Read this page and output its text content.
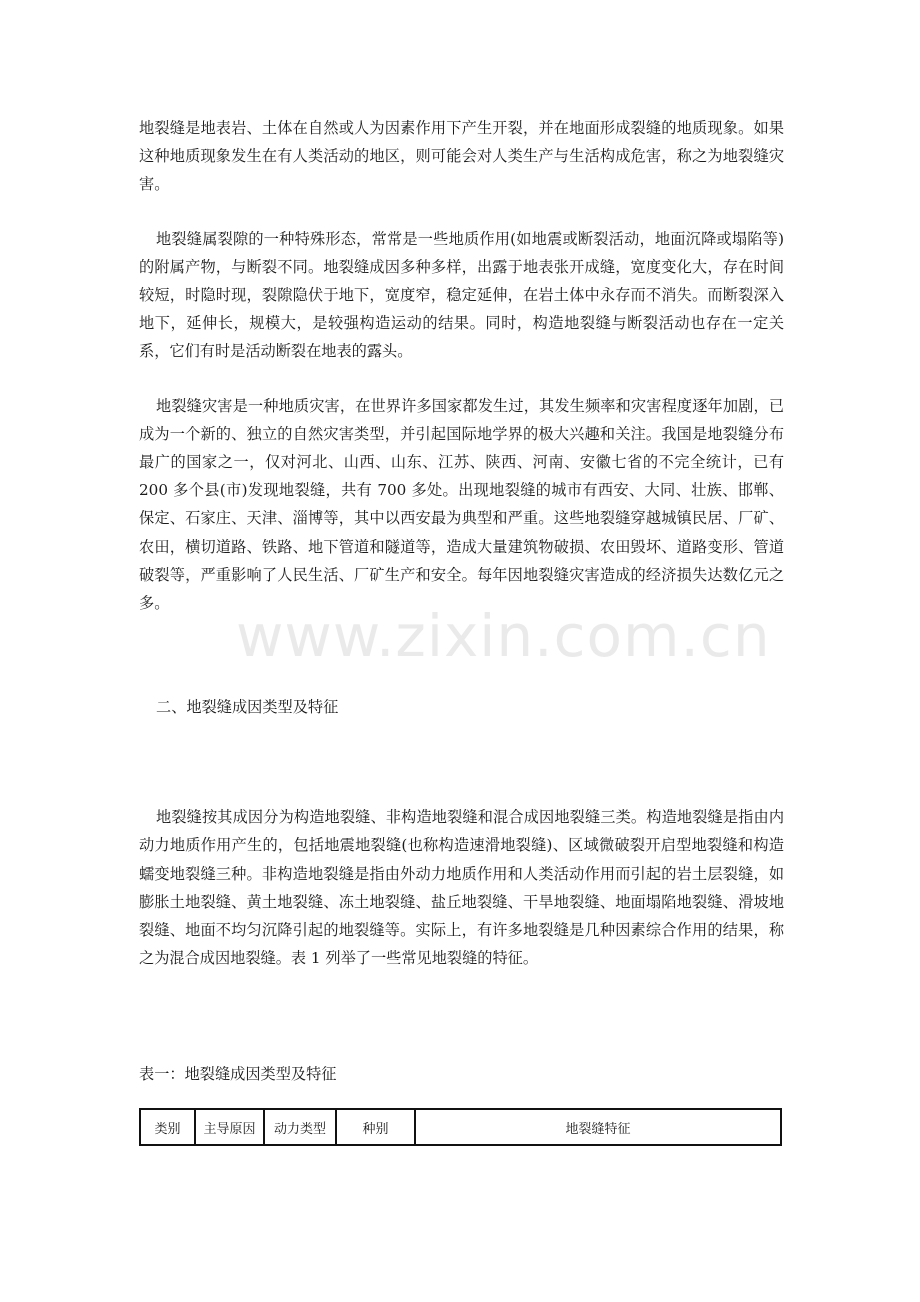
地裂缝是地表岩、土体在自然或人为因素作用下产生开裂，并在地面形成裂缝的地质现象。如果这种地质现象发生在有人类活动的地区，则可能会对人类生产与生活构成危害，称之为地裂缝灾害。

地裂缝属裂隙的一种特殊形态，常常是一些地质作用(如地震或断裂活动，地面沉降或塌陷等)的附属产物，与断裂不同。地裂缝成因多种多样，出露于地表张开成缝，宽度变化大，存在时间较短，时隐时现，裂隙隐伏于地下，宽度窄，稳定延伸，在岩土体中永存而不消失。而断裂深入地下，延伸长，规模大，是较强构造运动的结果。同时，构造地裂缝与断裂活动也存在一定关系，它们有时是活动断裂在地表的露头。

地裂缝灾害是一种地质灾害，在世界许多国家都发生过，其发生频率和灾害程度逐年加剧，已成为一个新的、独立的自然灾害类型，并引起国际地学界的极大兴趣和关注。我国是地裂缝分布最广的国家之一，仅对河北、山西、山东、江苏、陕西、河南、安徽七省的不完全统计，已有 200 多个县(市)发现地裂缝，共有 700 多处。出现地裂缝的城市有西安、大同、壮族、邯郸、保定、石家庄、天津、淄博等，其中以西安最为典型和严重。这些地裂缝穿越城镇民居、厂矿、农田，横切道路、铁路、地下管道和隧道等，造成大量建筑物破损、农田毁坏、道路变形、管道破裂等，严重影响了人民生活、厂矿生产和安全。每年因地裂缝灾害造成的经济损失达数亿元之多。

二、地裂缝成因类型及特征

地裂缝按其成因分为构造地裂缝、非构造地裂缝和混合成因地裂缝三类。构造地裂缝是指由内动力地质作用产生的，包括地震地裂缝(也称构造速滑地裂缝)、区域微破裂开启型地裂缝和构造蠕变地裂缝三种。非构造地裂缝是指由外动力地质作用和人类活动作用而引起的岩土层裂缝，如膨胀土地裂缝、黄土地裂缝、冻土地裂缝、盐丘地裂缝、干旱地裂缝、地面塌陷地裂缝、滑坡地裂缝、地面不均匀沉降引起的地裂缝等。实际上，有许多地裂缝是几种因素综合作用的结果，称之为混合成因地裂缝。表 1 列举了一些常见地裂缝的特征。

表一：地裂缝成因类型及特征

类别	主导原因	动力类型	种别	地裂缝特征
www.zixin.com.cn
